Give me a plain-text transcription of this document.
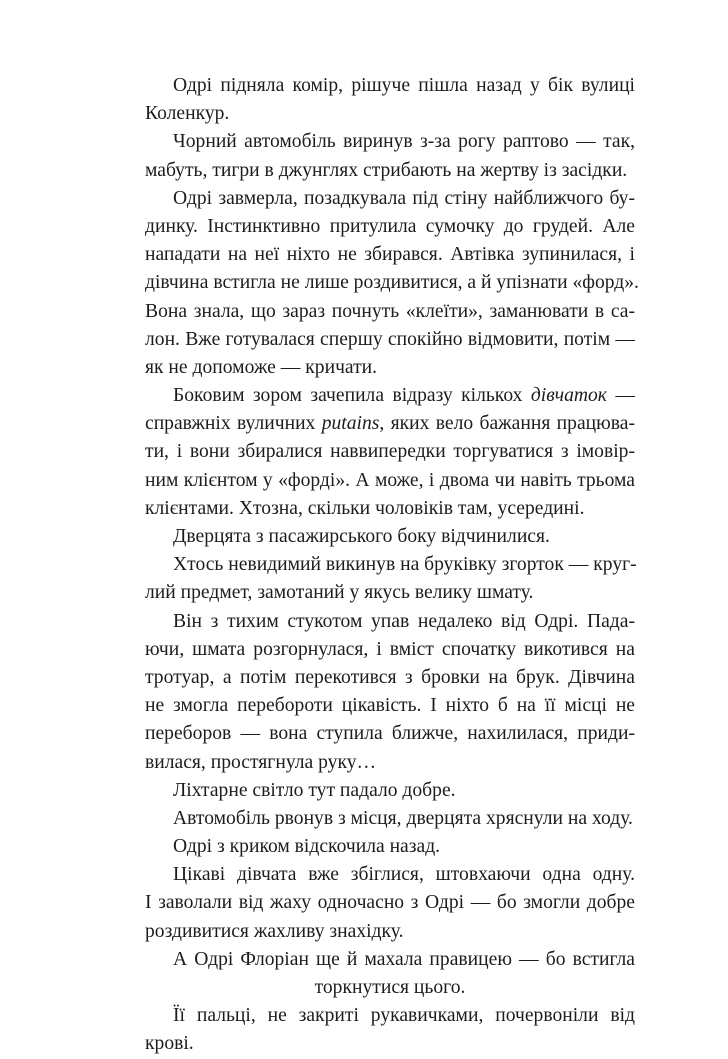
Одрі підняла комір, рішуче пішла назад у бік вулиці
Коленкур.
Чорний автомобіль виринув з-за рогу раптово — так,
мабуть, тигри в джунглях стрибають на жертву із засідки.
Одрі завмерла, позадкувала під стіну найближчого бу-
динку. Інстинктивно притулила сумочку до грудей. Але
нападати на неї ніхто не збирався. Автівка зупинилася, і
дівчина встигла не лише роздивитися, а й упізнати «форд».
Вона знала, що зараз почнуть «клеїти», заманювати в са-
лон. Вже готувалася спершу спокійно відмовити, потім —
як не допоможе — кричати.
Боковим зором зачепила відразу кількох дівчаток —
справжніх вуличних putains, яких вело бажання працюва-
ти, і вони збиралися наввипередки торгуватися з імовір-
ним клієнтом у «форді». А може, і двома чи навіть трьома
клієнтами. Хтозна, скільки чоловіків там, усередині.
Дверцята з пасажирського боку відчинилися.
Хтось невидимий викинув на бруківку згорток — круг-
лий предмет, замотаний у якусь велику шмату.
Він з тихим стукотом упав недалеко від Одрі. Пада-
ючи, шмата розгорнулася, і вміст спочатку викотився на
тротуар, а потім перекотився з бровки на брук. Дівчина
не змогла перебороти цікавість. І ніхто б на її місці не
переборов — вона ступила ближче, нахилилася, приди-
вилася, простягнула руку…
Ліхтарне світло тут падало добре.
Автомобіль рвонув з місця, дверцята хряснули на ходу.
Одрі з криком відскочила назад.
Цікаві дівчата вже збіглися, штовхаючи одна одну.
І заволали від жаху одночасно з Одрі — бо змогли добре
роздивитися жахливу знахідку.
А Одрі Флоріан ще й махала правицею — бо встигла
торкнутися цього.
Її пальці, не закриті рукавичками, почервоніли від
крові.
